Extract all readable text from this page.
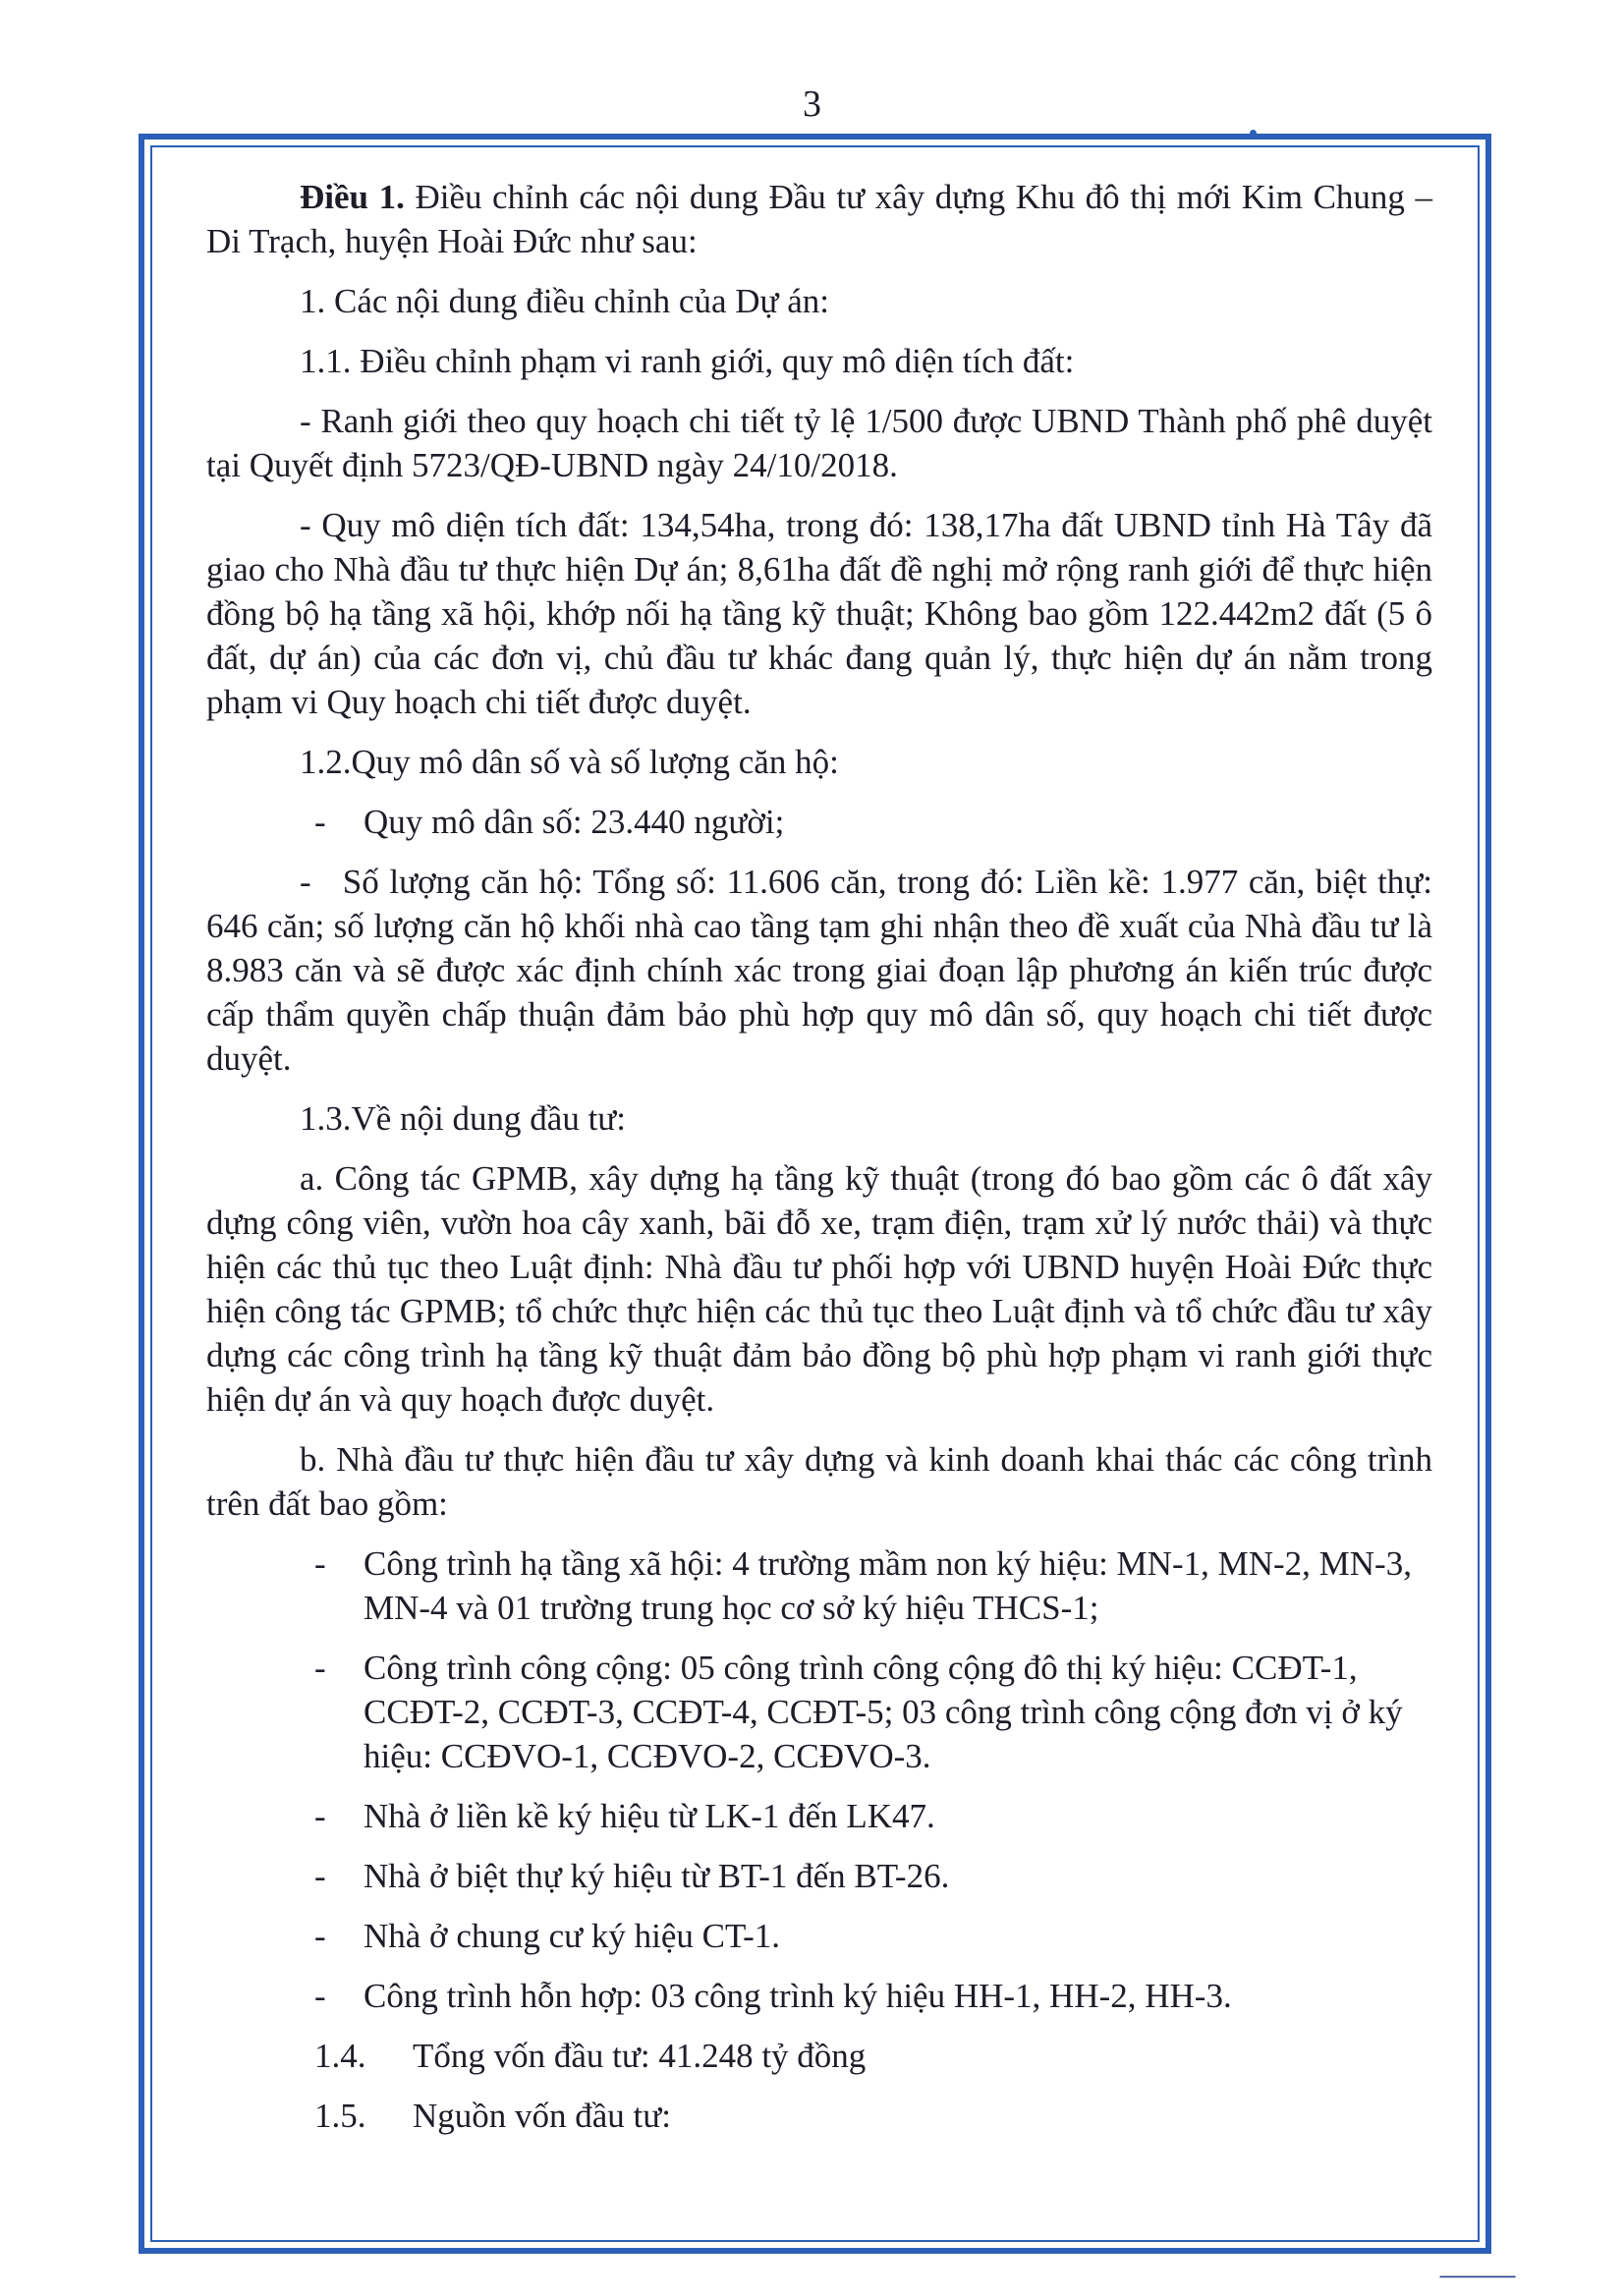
3

Điều 1. Điều chỉnh các nội dung Đầu tư xây dựng Khu đô thị mới Kim Chung – Di Trạch, huyện Hoài Đức như sau:

1. Các nội dung điều chỉnh của Dự án:

1.1. Điều chỉnh phạm vi ranh giới, quy mô diện tích đất:

- Ranh giới theo quy hoạch chi tiết tỷ lệ 1/500 được UBND Thành phố phê duyệt tại Quyết định 5723/QĐ-UBND ngày 24/10/2018.

- Quy mô diện tích đất: 134,54ha, trong đó: 138,17ha đất UBND tỉnh Hà Tây đã giao cho Nhà đầu tư thực hiện Dự án; 8,61ha đất đề nghị mở rộng ranh giới để thực hiện đồng bộ hạ tầng xã hội, khớp nối hạ tầng kỹ thuật; Không bao gồm 122.442m2 đất (5 ô đất, dự án) của các đơn vị, chủ đầu tư khác đang quản lý, thực hiện dự án nằm trong phạm vi Quy hoạch chi tiết được duyệt.

1.2.Quy mô dân số và số lượng căn hộ:

- Quy mô dân số: 23.440 người;

-   Số lượng căn hộ: Tổng số: 11.606 căn, trong đó: Liền kề: 1.977 căn, biệt thự: 646 căn; số lượng căn hộ khối nhà cao tầng tạm ghi nhận theo đề xuất của Nhà đầu tư là 8.983 căn và sẽ được xác định chính xác trong giai đoạn lập phương án kiến trúc được cấp thẩm quyền chấp thuận đảm bảo phù hợp quy mô dân số, quy hoạch chi tiết được duyệt.

1.3.Về nội dung đầu tư:

a. Công tác GPMB, xây dựng hạ tầng kỹ thuật (trong đó bao gồm các ô đất xây dựng công viên, vườn hoa cây xanh, bãi đỗ xe, trạm điện, trạm xử lý nước thải) và thực hiện các thủ tục theo Luật định: Nhà đầu tư phối hợp với UBND huyện Hoài Đức thực hiện công tác GPMB; tổ chức thực hiện các thủ tục theo Luật định và tổ chức đầu tư xây dựng các công trình hạ tầng kỹ thuật đảm bảo đồng bộ phù hợp phạm vi ranh giới thực hiện dự án và quy hoạch được duyệt.

b. Nhà đầu tư thực hiện đầu tư xây dựng và kinh doanh khai thác các công trình trên đất bao gồm:

- Công trình hạ tầng xã hội: 4 trường mầm non ký hiệu: MN-1, MN-2, MN-3, MN-4 và 01 trường trung học cơ sở ký hiệu THCS-1;

- Công trình công cộng: 05 công trình công cộng đô thị ký hiệu: CCĐT-1, CCĐT-2, CCĐT-3, CCĐT-4, CCĐT-5; 03 công trình công cộng đơn vị ở ký hiệu: CCĐVO-1, CCĐVO-2, CCĐVO-3.

- Nhà ở liền kề ký hiệu từ LK-1 đến LK47.

- Nhà ở biệt thự ký hiệu từ BT-1 đến BT-26.

- Nhà ở chung cư ký hiệu CT-1.

- Công trình hỗn hợp: 03 công trình ký hiệu HH-1, HH-2, HH-3.

1.4. Tổng vốn đầu tư: 41.248 tỷ đồng

1.5. Nguồn vốn đầu tư:

⸻
